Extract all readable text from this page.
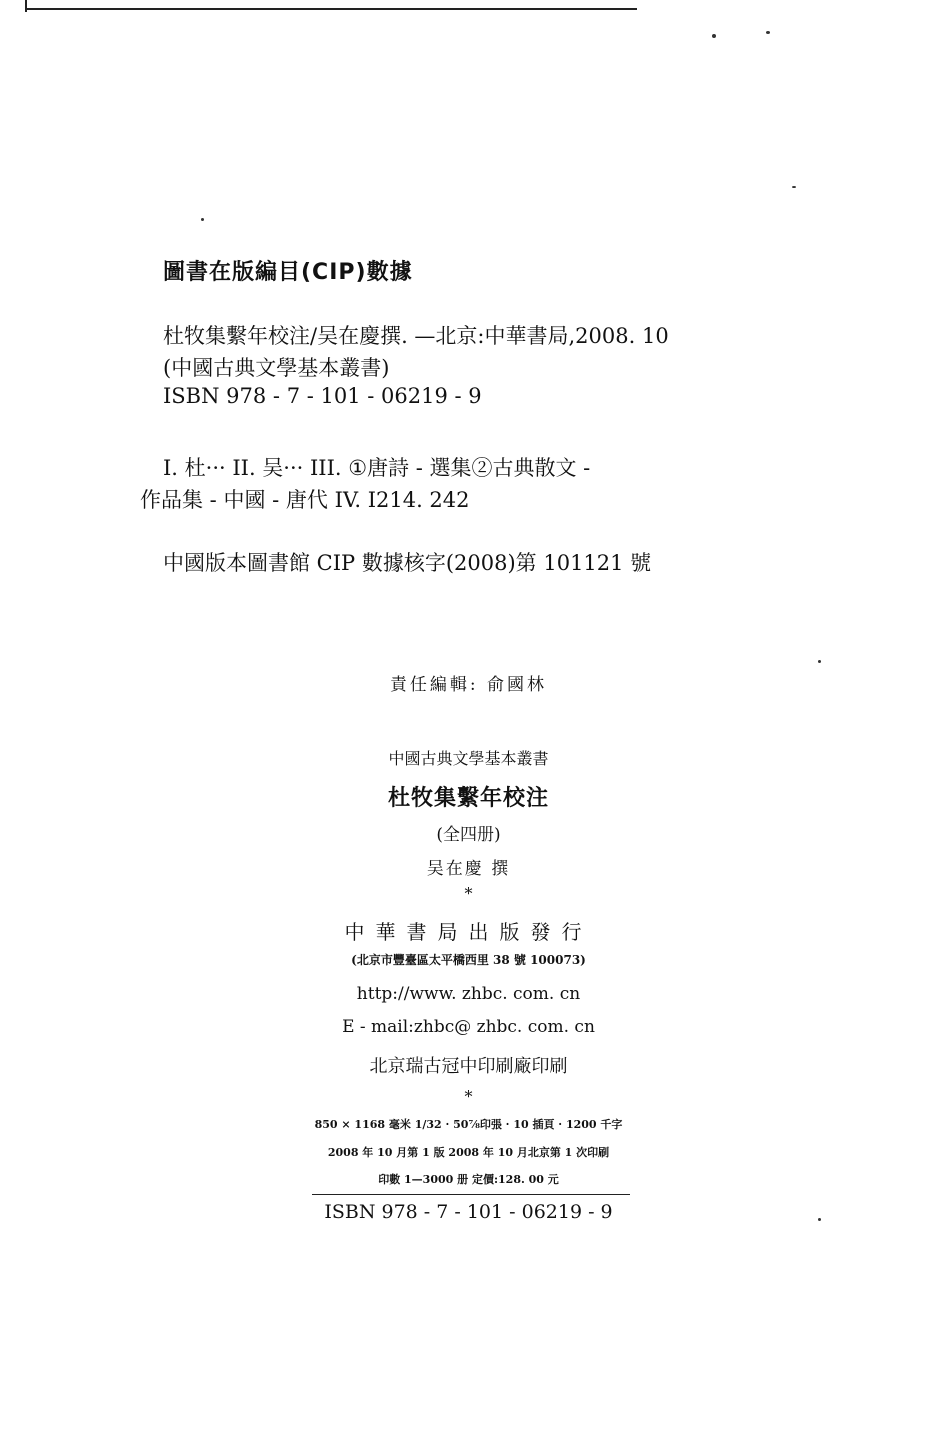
圖書在版編目(CIP)數據
杜牧集繫年校注/吴在慶撰. —北京:中華書局,2008. 10
(中國古典文學基本叢書)
ISBN 978 - 7 - 101 - 06219 - 9
I. 杜··· II. 吴··· III. ①唐詩 - 選集②古典散文 -
作品集 - 中國 - 唐代 IV. I214. 242
中國版本圖書館 CIP 數據核字(2008)第 101121 號
責任編輯: 俞國林
中國古典文學基本叢書
杜牧集繫年校注
(全四册)
吴在慶 撰
*
中華書局出版發行
(北京市豐臺區太平橋西里 38 號 100073)
http://www. zhbc. com. cn
E - mail:zhbc@ zhbc. com. cn
北京瑞古冠中印刷廠印刷
*
850 × 1168 毫米 1/32 · 50⅞印張 · 10 插頁 · 1200 千字
2008 年 10 月第 1 版 2008 年 10 月北京第 1 次印刷
印數 1—3000 册 定價:128. 00 元
ISBN 978 - 7 - 101 - 06219 - 9
